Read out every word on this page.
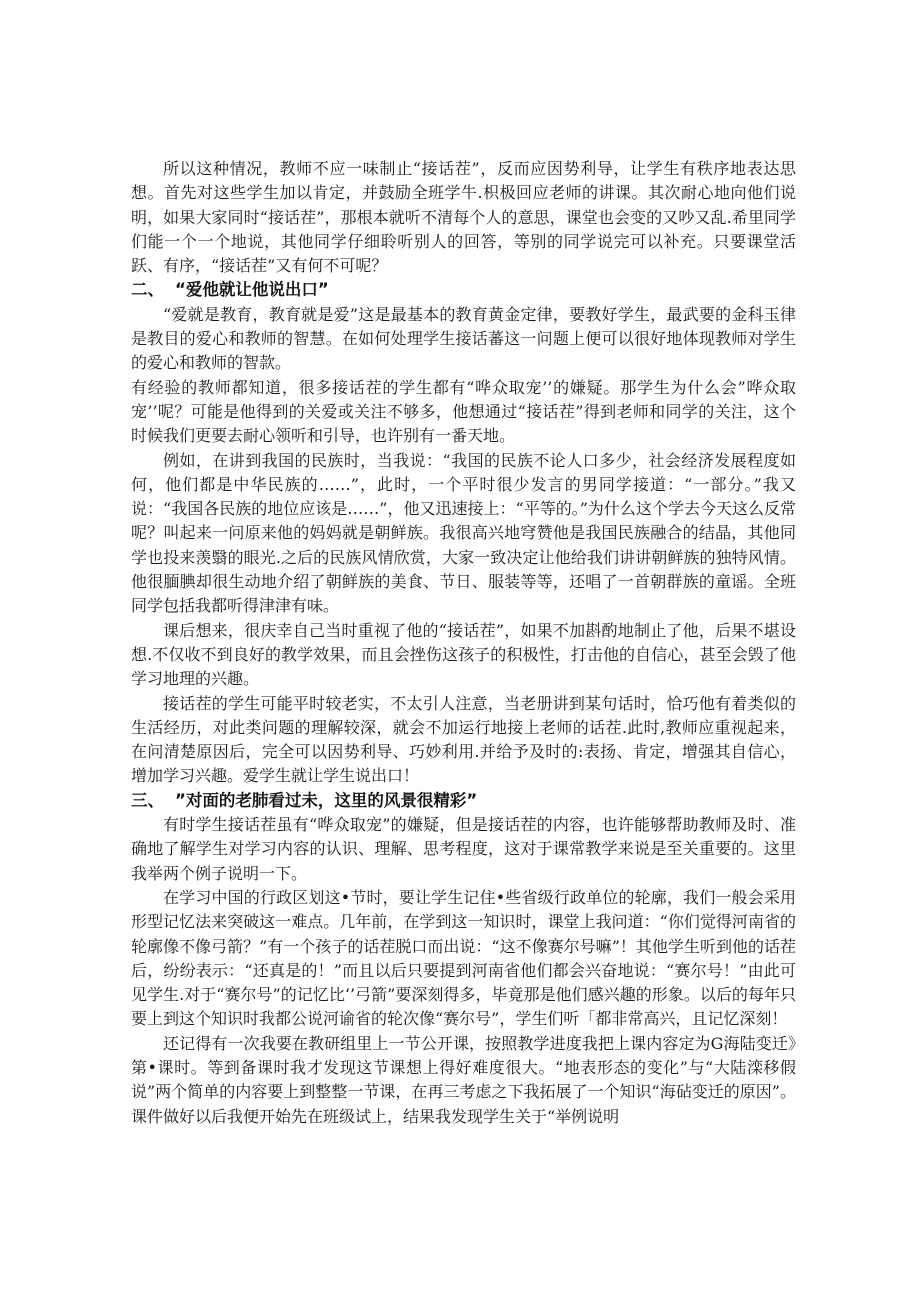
所以这种情况，教师不应一味制止“接话茬”，反而应因势利导，让学生有秩序地表达思想。首先对这些学生加以肯定，并鼓励全班学牛.枳极回应老师的讲课。其次耐心地向他们说明，如果大家同时“接话茬”，那根本就听不清每个人的意思，课堂也会变的又吵又乱.希里同学们能一个一个地说，其他同学仔细聆听别人的回答，等别的同学说完可以补充。只要课堂活跃、有序，“接话茬”又有何不可呢？

二、 “爱他就让他说出口”

“爱就是教育，教育就是爱”这是最基本的教育黄金定律，要教好学生，最武要的金科玉律是教目的爱心和教师的智慧。在如何处理学生接话蕃这一问题上便可以很好地体现教师对学生的爱心和教师的智款。

有经验的教师都知道，很多接话茬的学生都有“哗众取宠’’的嫌疑。那学生为什么会”哗众取宠’’呢？可能是他得到的关爱或关注不够多，他想通过“接话茬”得到老师和同学的关注，这个时候我们更要去耐心领听和引导，也许别有一番天地。

例如，在讲到我国的民族时，当我说：“我国的民族不论人口多少，社会经济发展程度如何，他们都是中华民族的……”，此时，一个平时很少发言的男同学接道：“一部分。”我又说：“我国各民族的地位应该是……”，他又迅速接上：“平等的。”为什么这个学去今天这么反常呢？叫起来一问原来他的妈妈就是朝鲜族。我很高兴地穹赞他是我国民族融合的结晶，其他同学也投来羡翳的眼光.之后的民族风情欣赏，大家一致决定让他给我们讲讲朝鲜族的独特风情。他很腼腆却很生动地介绍了朝鲜族的美食、节日、服装等等，还唱了一首朝群族的童谣。全班同学包括我都听得津津有味。

课后想来，很庆幸自己当时重视了他的“接话茬”，如果不加斟酌地制止了他，后果不堪设想.不仅收不到良好的教学效果，而且会挫伤这孩子的积极性，打击他的自信心，甚至会毁了他学习地理的兴趣。

接话茬的学生可能平时较老实，不太引人注意，当老册讲到某句话时，恰巧他有着类似的生活经历，对此类问题的理解较深，就会不加运行地接上老师的话茬.此时,教师应重视起来，在问清楚原因后，完全可以因势利导、巧妙利用.并给予及时的:表扬、肯定，增强其自信心，增加学习兴趣。爱学生就让学生说出口！

三、 ”对面的老肺看过未，这里的风景很精彩”

有时学生接话茬虽有“哗众取宠”的嫌疑，但是接话茬的内容，也许能够帮助教师及时、准确地了解学生对学习内容的认识、理解、思考程度，这对于课常教学来说是至关重要的。这里我举两个例子说明一下。

在学习中国的行政区划这•节时，要让学生记住•些省级行政单位的轮廓，我们一般会采用形型记忆法来突破这一难点。几年前，在学到这一知识时，课堂上我问道：“你们觉得河南省的轮廓像不像弓箭？”有一个孩子的话茬脱口而出说：“这不像赛尔号嘛”！其他学生听到他的话茬后，纷纷表示：“还真是的！”而且以后只要提到河南省他们都会兴奋地说：“赛尔号！”由此可见学生.对于“赛尔号”的记忆比‘’弓箭”要深刻得多，毕竟那是他们感兴趣的形象。以后的每年只要上到这个知识时我都公说河谕省的轮次像“赛尔号”，学生们听「都非常高兴，且记忆深刻！

还记得有一次我要在教研组里上一节公开课，按照教学进度我把上课内容定为G海陆变迁》第•课时。等到备课时我才发现这节课想上得好难度很大。“地表形态的变化”与“大陆滦移假说”两个简单的内容要上到整整一节课，在再三考虑之下我拓展了一个知识“海砧变迁的原因”。课件做好以后我便开始先在班级试上，结果我发现学生关于“举例说明
